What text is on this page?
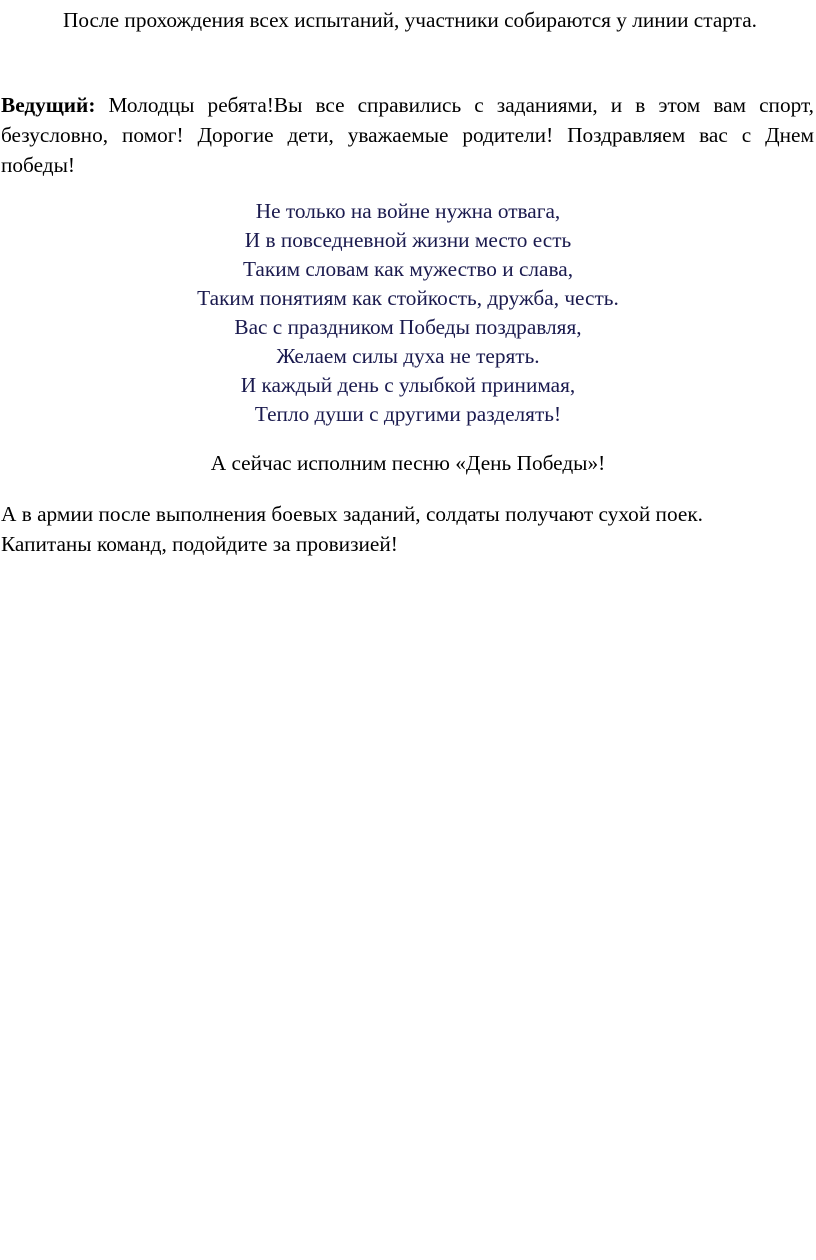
После прохождения всех испытаний, участники собираются у линии старта.

Ведущий: Молодцы ребята!Вы все справились с заданиями, и в этом вам спорт, безусловно, помог! Дорогие дети, уважаемые родители! Поздравляем вас с Днем победы!

Не только на войне нужна отвага,
И в повседневной жизни место есть
Таким словам как мужество и слава,
Таким понятиям как стойкость, дружба, честь.
Вас с праздником Победы поздравляя,
Желаем силы духа не терять.
И каждый день с улыбкой принимая,
Тепло души с другими разделять!

А сейчас исполним песню «День Победы»!

А в армии после выполнения боевых заданий, солдаты получают сухой поек.
Капитаны команд, подойдите за провизией!
